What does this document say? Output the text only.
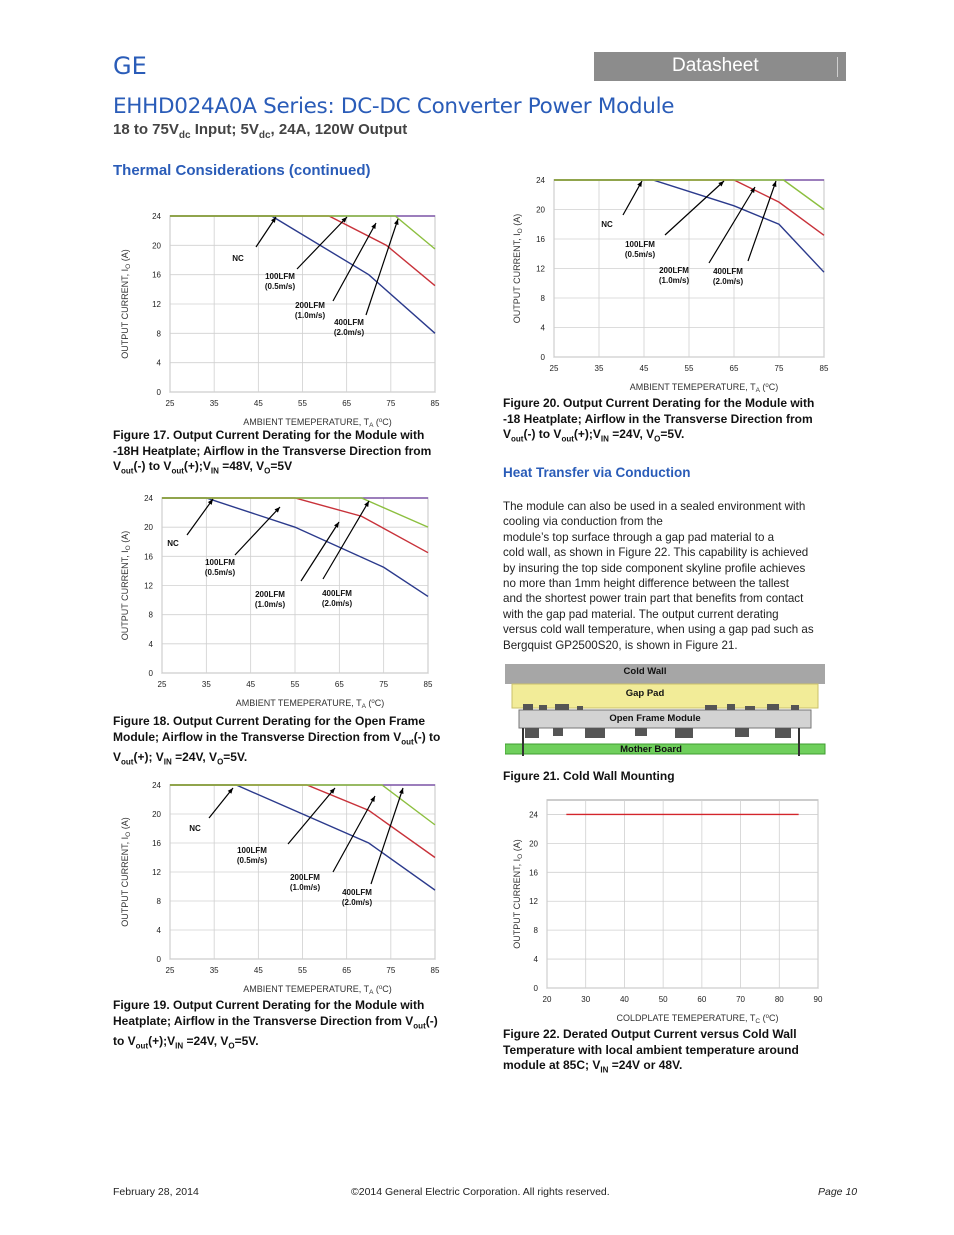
GE	Datasheet
EHHD024A0A Series: DC-DC Converter Power Module
18 to $75V_{dc}$ Input; $5V_{dc}$, 24A, 120W Output
Thermal Considerations (continued)
25	35	45	55	65	75	85
0
4
8
12
16
20
24
OUTPUT CURRENT, $I_O$ (A)
AMBIENT TEMEPERATURE, $T_A$ ($^o$C)
NC
100LFM
(0.5m/s)
200LFM
(1.0m/s)
400LFM
(2.0m/s)
25	35	45	55	65	75	85
0
4
8
12
16
20
24
OUTPUT CURRENT, $I_O$ (A)
AMBIENT TEMEPERATURE, $T_A$ ($^o$C)
NC
100LFM
(0.5m/s)
200LFM
(1.0m/s)
400LFM
(2.0m/s)
25	35	45	55	65	75	85
0
4
8
12
16
20
24
OUTPUT CURRENT, $I_O$ (A)
AMBIENT TEMEPERATURE, $T_A$ ($^o$C)
NC
100LFM
(0.5m/s)
200LFM
(1.0m/s)
400LFM
(2.0m/s)
25	35	45	55	65	75	85
0
4
8
12
16
20
24
OUTPUT CURRENT, $I_O$ (A)
AMBIENT TEMEPERATURE, $T_A$ ($^o$C)
NC
100LFM
(0.5m/s)
200LFM
(1.0m/s)
400LFM
(2.0m/s)
20	30	40	50	60	70	80	90
0
4
8
12
16
20
24
OUTPUT CURRENT, $I_O$ (A)
COLDPLATE TEMEPERATURE, $T_C$ ($^o$C)
Figure 17. Output Current Derating for the Module with
-18H Heatplate; Airflow in the Transverse Direction from
$V_{out}(-)$ to $V_{out}(+);V_{IN} =48V$, $V_O=5V$
Figure 18. Output Current Derating for the Open Frame
Module; Airflow in the Transverse Direction from $V_{out}(-)$ to
$V_{out}(+)$; $V_{IN} =24V$, $V_O=5V$.
Figure 19. Output Current Derating for the Module with
Heatplate; Airflow in the Transverse Direction from $V_{out}(-)$
to $V_{out}(+);V_{IN} =24V$, $V_O=5V$.
Figure 20. Output Current Derating for the Module with
-18 Heatplate; Airflow in the Transverse Direction from
$V_{out}(-)$ to $V_{out}(+);V_{IN} =24V$, $V_O=5V$.
Heat Transfer via Conduction
The module can also be used in a sealed environment with
cooling via conduction from the
module’s top surface through a gap pad material to a
cold wall, as shown in Figure 22. This capability is achieved
by insuring the top side component skyline profile achieves
no more than 1mm height difference between the tallest
and the shortest power train part that benefits from contact
with the gap pad material. The output current derating
versus cold wall temperature, when using a gap pad such as
Bergquist GP2500S20, is shown in Figure 21.
Cold Wall
Gap Pad
Open Frame Module
Mother Board
Figure 21. Cold Wall Mounting
Figure 22. Derated Output Current versus Cold Wall
Temperature with local ambient temperature around
module at 85C; $V_{IN} =24V$ or 48V.
February 28, 2014	©2014 General Electric Corporation. All rights reserved.	Page 10
